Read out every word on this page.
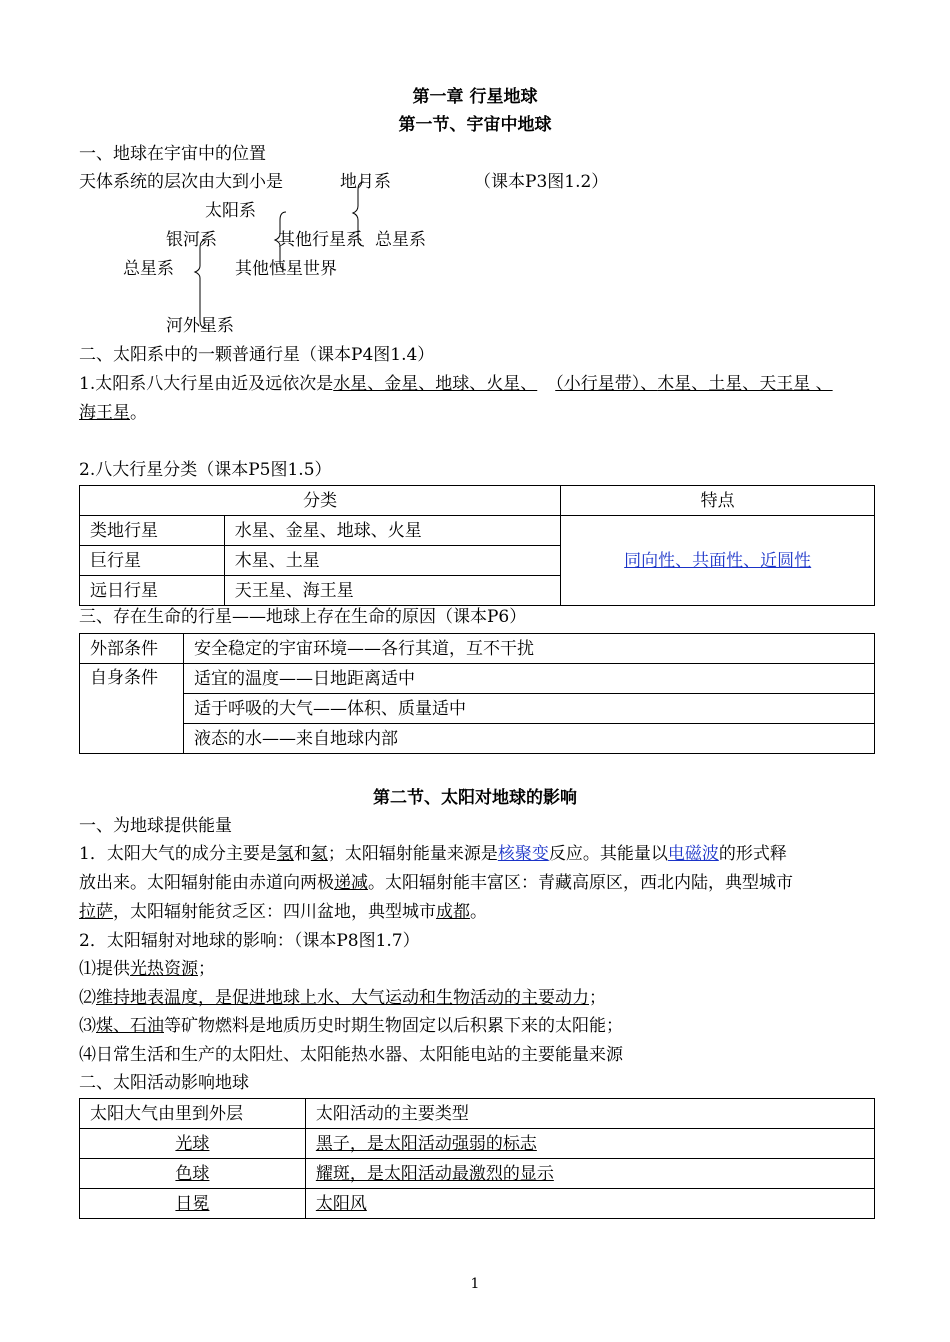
第一章 行星地球
第一节、宇宙中地球
一、地球在宇宙中的位置
天体系统的层次由大到小是	（课本P3图1.2）
地月系
太阳系
银河系	其他行星系 总星系
总星系	其他恒星世界
河外星系
二、太阳系中的一颗普通行星（课本P4图1.4）
1.太阳系八大行星由近及远依次是水星、金星、地球、火星、 （小行星带）、木星、土星、天王星 、
海王星。
2.八大行星分类（课本P5图1.5）
分类		特点
类地行星	水星、金星、地球、火星	同向性、共面性、近圆性
巨行星	木星、土星	
远日行星	天王星、海王星	
三、存在生命的行星——地球上存在生命的原因（课本P6）
外部条件	安全稳定的宇宙环境——各行其道，互不干扰
自身条件	适宜的温度——日地距离适中
	适于呼吸的大气——体积、质量适中
	液态的水——来自地球内部
第二节、太阳对地球的影响
一、为地球提供能量
1．太阳大气的成分主要是氢和氦；太阳辐射能量来源是核聚变反应。其能量以电磁波的形式释
放出来。太阳辐射能由赤道向两极递减。太阳辐射能丰富区：青藏高原区，西北内陆，典型城市
拉萨，太阳辐射能贫乏区：四川盆地，典型城市成都。
2．太阳辐射对地球的影响：（课本P8图1.7）
⑴提供光热资源；
⑵维持地表温度，是促进地球上水、大气运动和生物活动的主要动力；
⑶煤、石油等矿物燃料是地质历史时期生物固定以后积累下来的太阳能；
⑷日常生活和生产的太阳灶、太阳能热水器、太阳能电站的主要能量来源
二、太阳活动影响地球
太阳大气由里到外层	太阳活动的主要类型
光球	黑子，是太阳活动强弱的标志
色球	耀斑，是太阳活动最激烈的显示
日冕	太阳风
1
